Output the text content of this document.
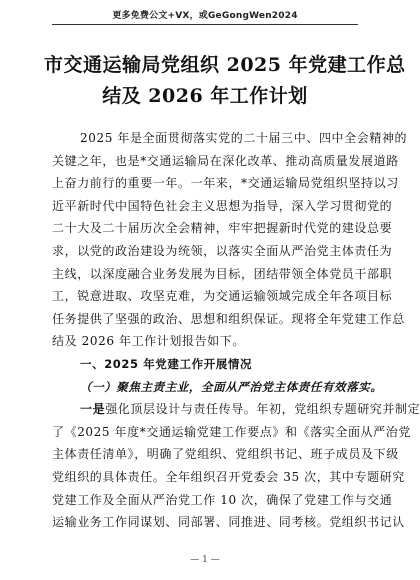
更多免费公文+VX，或GeGongWen2024
市交通运输局党组织 2025 年党建工作总
结及 2026 年工作计划
2025 年是全面贯彻落实党的二十届三中、四中全会精神的
关键之年，也是*交通运输局在深化改革、推动高质量发展道路
上奋力前行的重要一年。一年来，*交通运输局党组织坚持以习
近平新时代中国特色社会主义思想为指导，深入学习贯彻党的
二十大及二十届历次全会精神，牢牢把握新时代党的建设总要
求，以党的政治建设为统领，以落实全面从严治党主体责任为
主线，以深度融合业务发展为目标，团结带领全体党员干部职
工，锐意进取、攻坚克难，为交通运输领域完成全年各项目标
任务提供了坚强的政治、思想和组织保证。现将全年党建工作总
结及 2026 年工作计划报告如下。
一、2025 年党建工作开展情况
（一）聚焦主责主业，全面从严治党主体责任有效落实。
一是强化顶层设计与责任传导。年初，党组织专题研究并制定
了《2025 年度*交通运输党建工作要点》和《落实全面从严治党
主体责任清单》，明确了党组织、党组织书记、班子成员及下级
党组织的具体责任。全年组织召开党委会 35 次，其中专题研究
党建工作及全面从严治党工作 10 次，确保了党建工作与交通
运输业务工作同谋划、同部署、同推进、同考核。党组织书记认
— 1 —
